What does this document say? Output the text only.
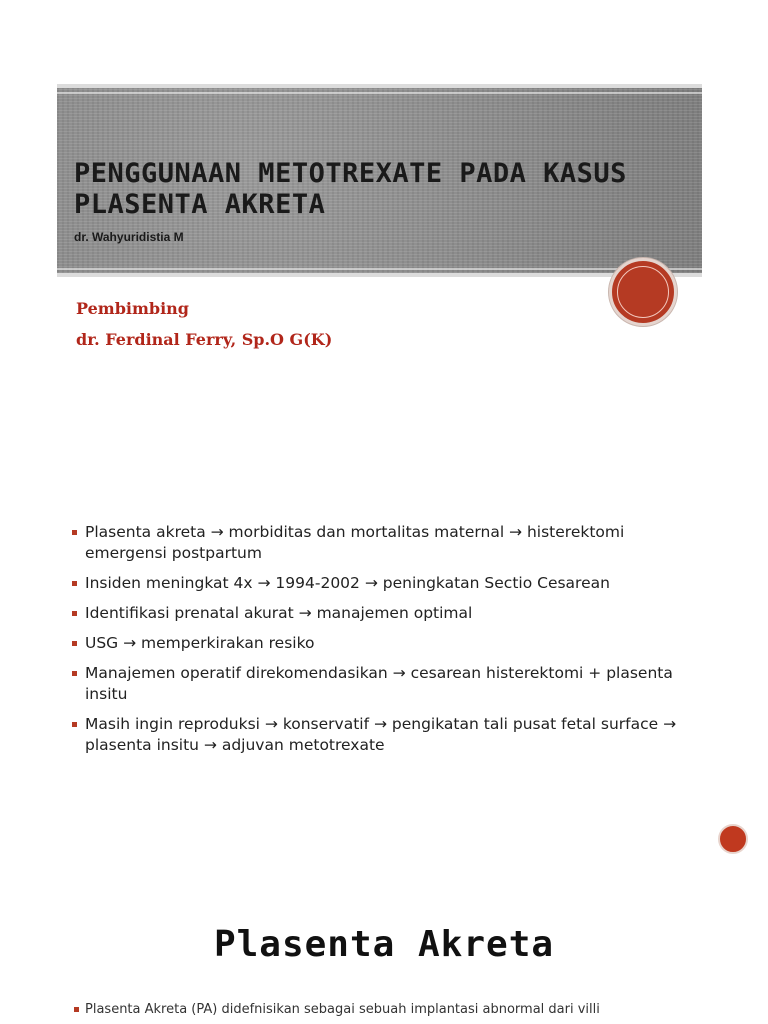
PENGGUNAAN METOTREXATE PADA KASUS PLASENTA AKRETA
dr. Wahyuridistia M
Pembimbing
dr. Ferdinal Ferry, Sp.O G(K)
Plasenta akreta → morbiditas dan mortalitas maternal → histerektomi emergensi postpartum
Insiden meningkat 4x → 1994-2002 → peningkatan Sectio Cesarean
Identifikasi prenatal akurat → manajemen optimal
USG → memperkirakan resiko
Manajemen operatif direkomendasikan → cesarean histerektomi + plasenta insitu
Masih ingin reproduksi → konservatif → pengikatan tali pusat fetal surface → plasenta insitu → adjuvan metotrexate
Plasenta Akreta
Plasenta Akreta (PA) didefnisikan sebagai sebuah implantasi abnormal dari villi
